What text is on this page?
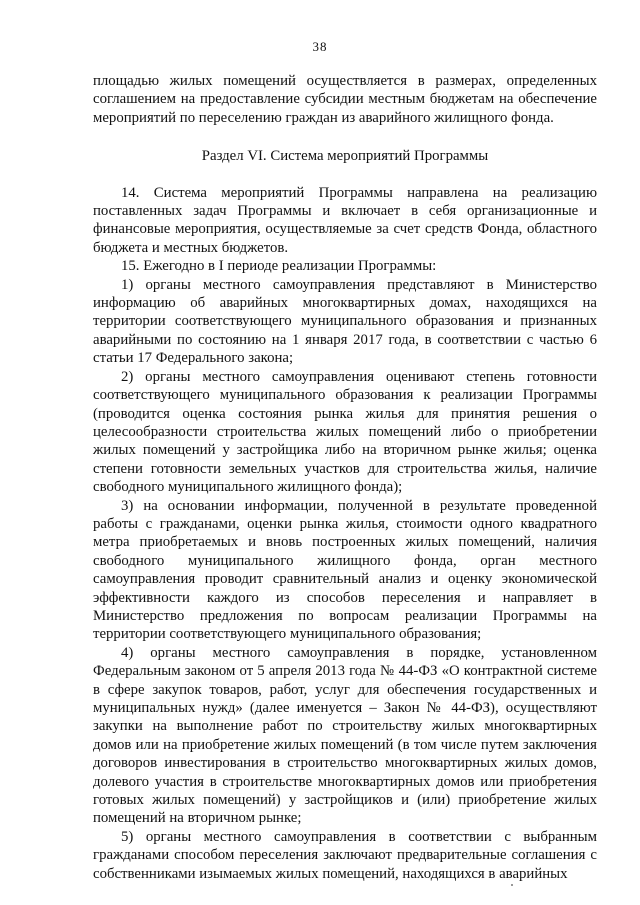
38

площадью жилых помещений осуществляется в размерах, определенных соглашением на предоставление субсидии местным бюджетам на обеспечение мероприятий по переселению граждан из аварийного жилищного фонда.

Раздел VI. Система мероприятий Программы

14. Система мероприятий Программы направлена на реализацию поставленных задач Программы и включает в себя организационные и финансовые мероприятия, осуществляемые за счет средств Фонда, областного бюджета и местных бюджетов.

15. Ежегодно в I периоде реализации Программы:

1) органы местного самоуправления представляют в Министерство информацию об аварийных многоквартирных домах, находящихся на территории соответствующего муниципального образования и признанных аварийными по состоянию на 1 января 2017 года, в соответствии с частью 6 статьи 17 Федерального закона;

2) органы местного самоуправления оценивают степень готовности соответствующего муниципального образования к реализации Программы (проводится оценка состояния рынка жилья для принятия решения о целесообразности строительства жилых помещений либо о приобретении жилых помещений у застройщика либо на вторичном рынке жилья; оценка степени готовности земельных участков для строительства жилья, наличие свободного муниципального жилищного фонда);

3) на основании информации, полученной в результате проведенной работы с гражданами, оценки рынка жилья, стоимости одного квадратного метра приобретаемых и вновь построенных жилых помещений, наличия свободного муниципального жилищного фонда, орган местного самоуправления проводит сравнительный анализ и оценку экономической эффективности каждого из способов переселения и направляет в Министерство предложения по вопросам реализации Программы на территории соответствующего муниципального образования;

4) органы местного самоуправления в порядке, установленном Федеральным законом от 5 апреля 2013 года № 44-ФЗ «О контрактной системе в сфере закупок товаров, работ, услуг для обеспечения государственных и муниципальных нужд» (далее именуется – Закон № 44-ФЗ), осуществляют закупки на выполнение работ по строительству жилых многоквартирных домов или на приобретение жилых помещений (в том числе путем заключения договоров инвестирования в строительство многоквартирных жилых домов, долевого участия в строительстве многоквартирных домов или приобретения готовых жилых помещений) у застройщиков и (или) приобретение жилых помещений на вторичном рынке;

5) органы местного самоуправления в соответствии с выбранным гражданами способом переселения заключают предварительные соглашения с собственниками изымаемых жилых помещений, находящихся в аварийных
